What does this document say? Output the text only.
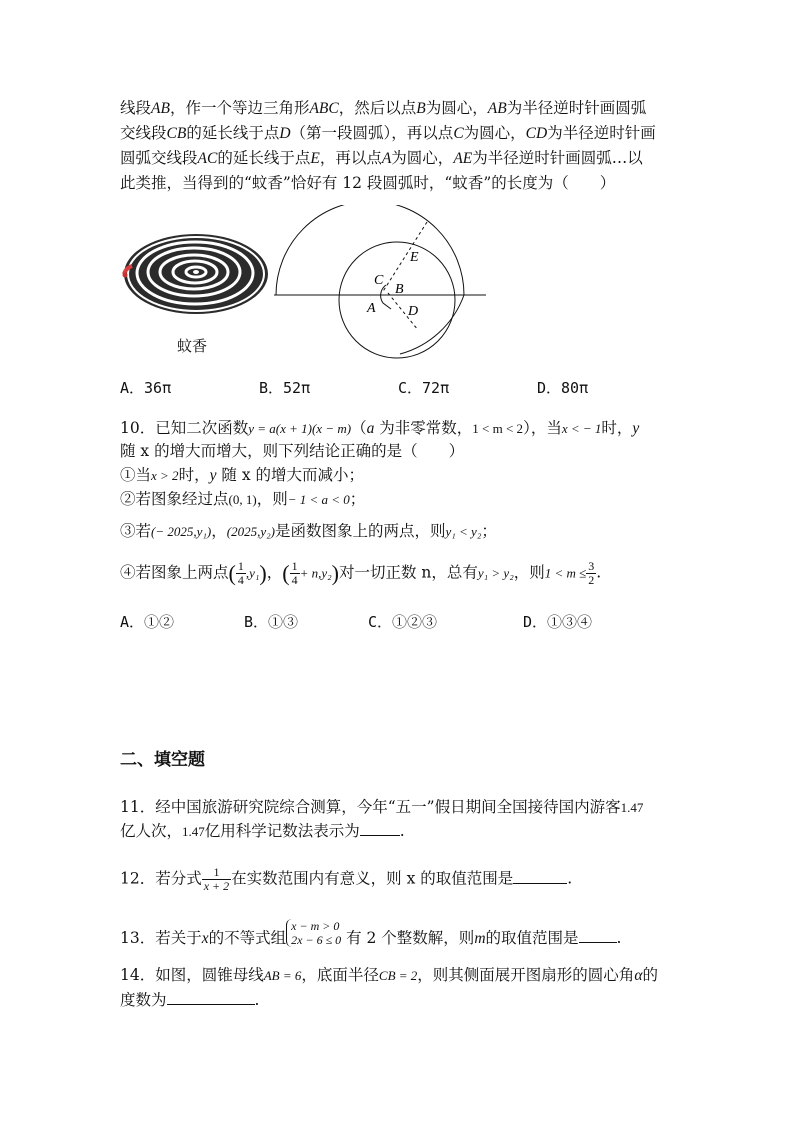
线段AB，作一个等边三角形ABC，然后以点B为圆心，AB为半径逆时针画圆弧
交线段CB的延长线于点D（第一段圆弧），再以点C为圆心，CD为半径逆时针画
圆弧交线段AC的延长线于点E，再以点A为圆心，AE为半径逆时针画圆弧…以
此类推，当得到的“蚊香”恰好有 12 段圆弧时，“蚊香”的长度为（　　）
蚊香
E
C
B
A D
A．36π	B．52π	C．72π	D．80π
10．已知二次函数y = a(x + 1)(x − m)（a 为非零常数，1 < m < 2），当x < − 1时，y
随 x 的增大而增大，则下列结论正确的是（　　）
①当x > 2时，y 随 x 的增大而减小；
②若图象经过点(0, 1)，则− 1 < a < 0；
③若(− 2025,y₁)，(2025,y₂)是函数图象上的两点，则y₁ < y₂；
④若图象上两点( $\frac{1}{4} ,y_1$)，( $\frac{1}{4} + n,y_2$)对一切正数 n，总有y₁ > y₂，则$1 < m \le \frac{3}{2}$ .
A．①②	B．①③	C．①②③	D．①③④
二、填空题
11．经中国旅游研究院综合测算，今年“五一”假日期间全国接待国内游客1.47
亿人次，1.47亿用科学记数法表示为	.
12．若分式 $\frac{1}{x + 2}$ 在实数范围内有意义，则 x 的取值范围是	.
13．若关于x的不等式组
x − m > 0
2x − 6 ≤ 0 有 2 个整数解，则m的取值范围是 .
14．如图，圆锥母线AB = 6，底面半径CB = 2，则其侧面展开图扇形的圆心角α的
度数为	.
